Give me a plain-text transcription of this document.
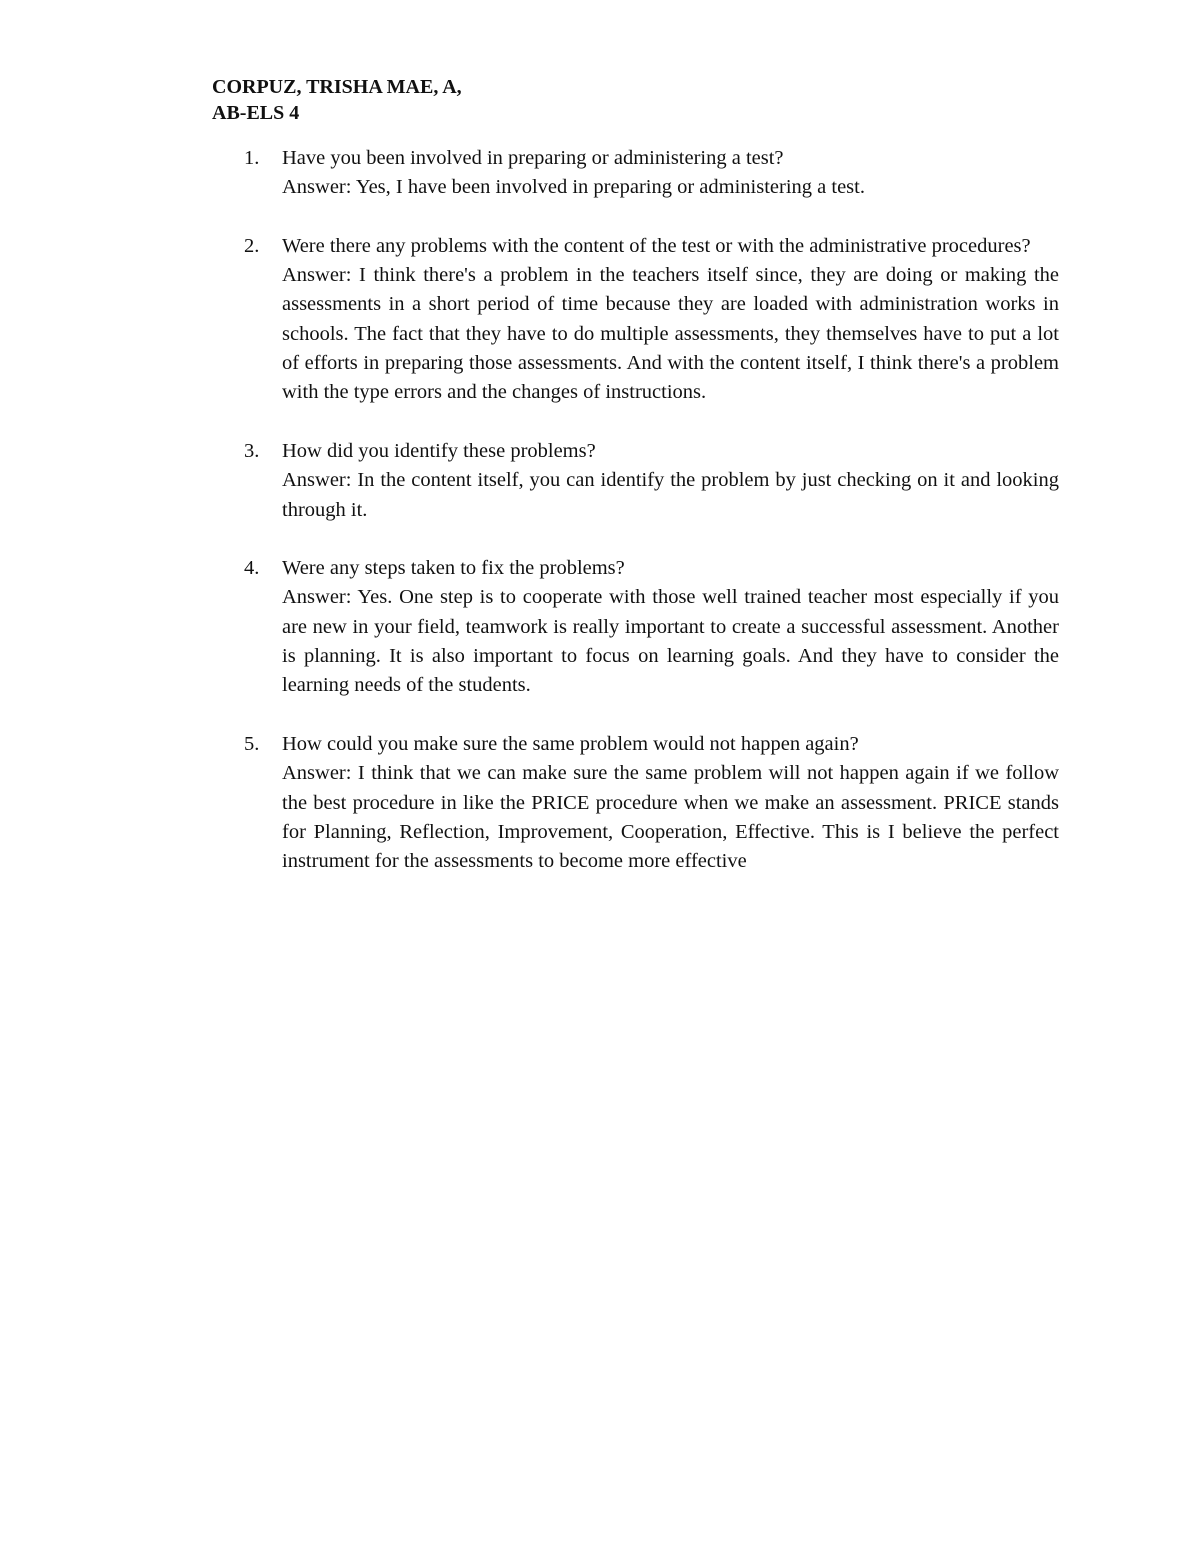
CORPUZ, TRISHA MAE, A,
AB-ELS 4
1.	Have you been involved in preparing or administering a test?
Answer: Yes, I have been involved in preparing or administering a test.
2.	Were there any problems with the content of the test or with the administrative procedures?
Answer: I think there's a problem in the teachers itself since, they are doing or making the assessments in a short period of time because they are loaded with administration works in schools. The fact that they have to do multiple assessments, they themselves have to put a lot of efforts in preparing those assessments. And with the content itself, I think there's a problem with the type errors and the changes of instructions.
3.	How did you identify these problems?
Answer: In the content itself, you can identify the problem by just checking on it and looking through it.
4.	Were any steps taken to fix the problems?
Answer: Yes. One step is to cooperate with those well trained teacher most especially if you are new in your field, teamwork is really important to create a successful assessment. Another is planning. It is also important to focus on learning goals. And they have to consider the learning needs of the students.
5.	How could you make sure the same problem would not happen again?
Answer: I think that we can make sure the same problem will not happen again if we follow the best procedure in like the PRICE procedure when we make an assessment. PRICE stands for Planning, Reflection, Improvement, Cooperation, Effective. This is I believe the perfect instrument for the assessments to become more effective
